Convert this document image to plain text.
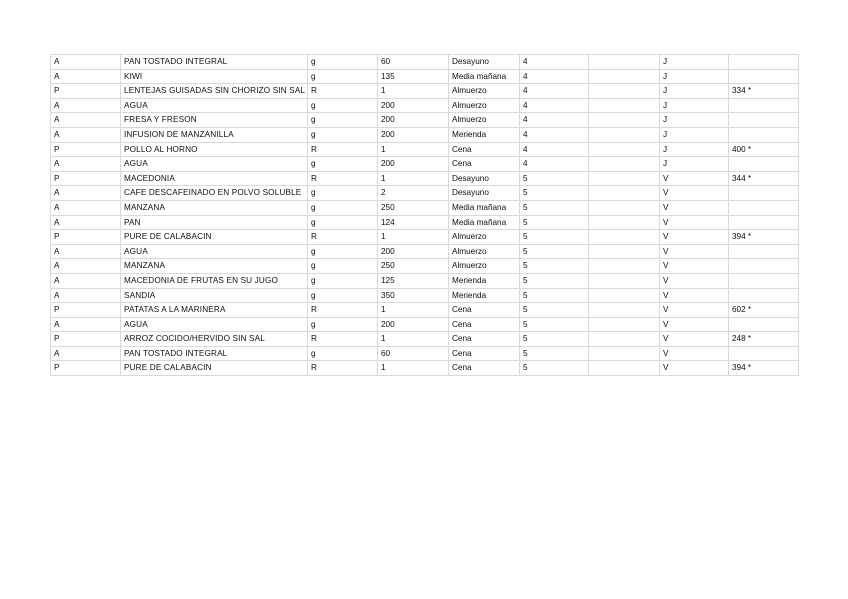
A	PAN TOSTADO INTEGRAL	g	60	Desayuno	4		J	
A	KIWI	g	135	Media mañana	4		J	
P	LENTEJAS GUISADAS SIN CHORIZO SIN SAL	R	1	Almuerzo	4		J	334 *
A	AGUA	g	200	Almuerzo	4		J	
A	FRESA Y FRESON	g	200	Almuerzo	4		J	
A	INFUSION DE MANZANILLA	g	200	Merienda	4		J	
P	POLLO AL HORNO	R	1	Cena	4		J	400 *
A	AGUA	g	200	Cena	4		J	
P	MACEDONIA	R	1	Desayuno	5		V	344 *
A	CAFE DESCAFEINADO EN POLVO SOLUBLE	g	2	Desayuno	5		V	
A	MANZANA	g	250	Media mañana	5		V	
A	PAN	g	124	Media mañana	5		V	
P	PURE DE CALABACIN	R	1	Almuerzo	5		V	394 *
A	AGUA	g	200	Almuerzo	5		V	
A	MANZANA	g	250	Almuerzo	5		V	
A	MACEDONIA DE FRUTAS EN SU JUGO	g	125	Merienda	5		V	
A	SANDIA	g	350	Merienda	5		V	
P	PATATAS A LA MARINERA	R	1	Cena	5		V	602 *
A	AGUA	g	200	Cena	5		V	
P	ARROZ COCIDO/HERVIDO SIN SAL	R	1	Cena	5		V	248 *
A	PAN TOSTADO INTEGRAL	g	60	Cena	5		V	
P	PURE DE CALABACIN	R	1	Cena	5		V	394 *
